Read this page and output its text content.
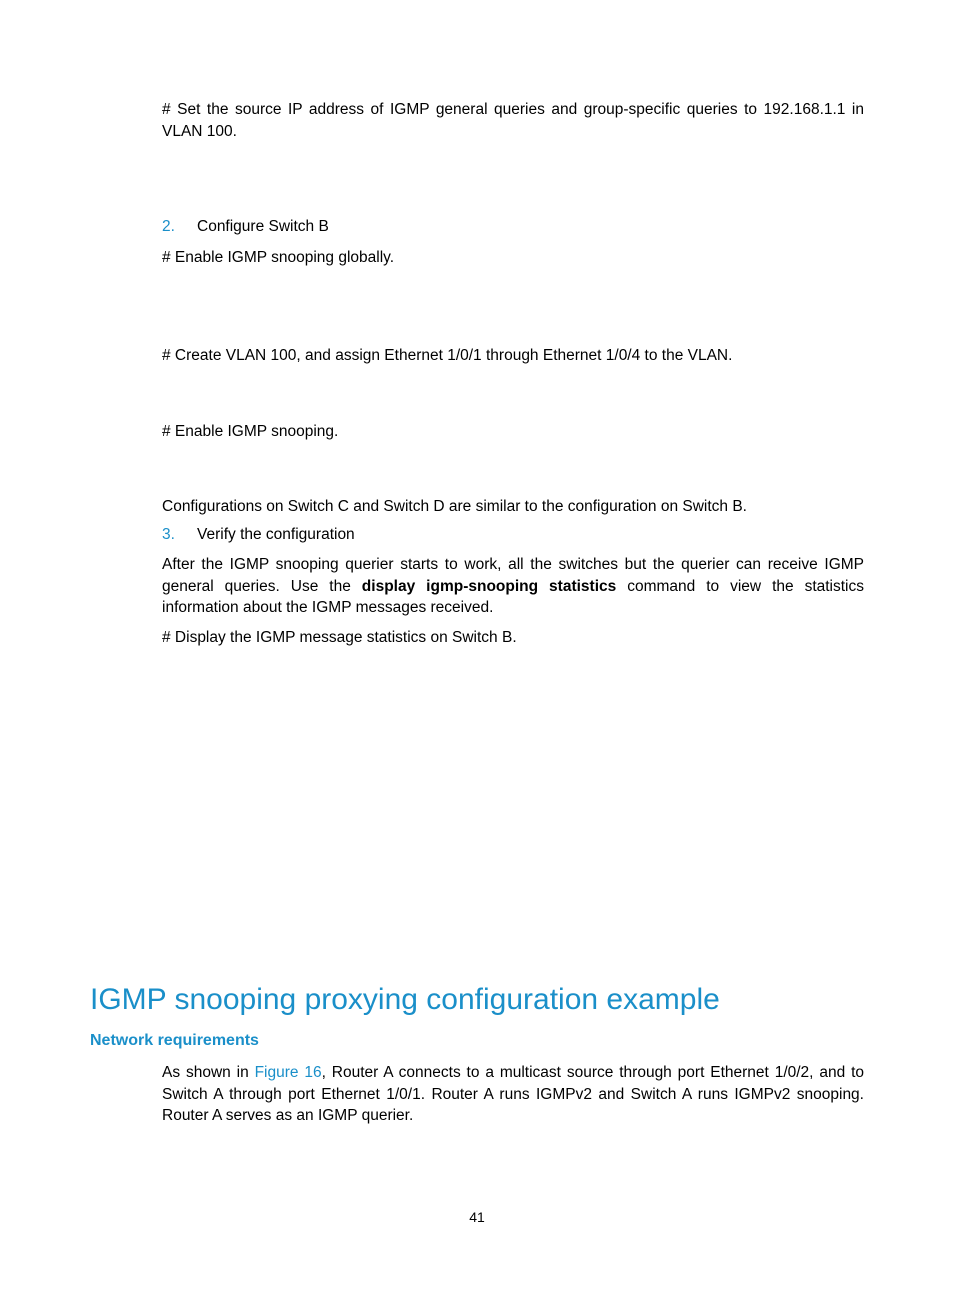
# Set the source IP address of IGMP general queries and group-specific queries to 192.168.1.1 in VLAN 100.

2. Configure Switch B

# Enable IGMP snooping globally.

# Create VLAN 100, and assign Ethernet 1/0/1 through Ethernet 1/0/4 to the VLAN.

# Enable IGMP snooping.

Configurations on Switch C and Switch D are similar to the configuration on Switch B.

3. Verify the configuration

After the IGMP snooping querier starts to work, all the switches but the querier can receive IGMP general queries. Use the display igmp-snooping statistics command to view the statistics information about the IGMP messages received.

# Display the IGMP message statistics on Switch B.

IGMP snooping proxying configuration example
Network requirements

As shown in Figure 16, Router A connects to a multicast source through port Ethernet 1/0/2, and to Switch A through port Ethernet 1/0/1. Router A runs IGMPv2 and Switch A runs IGMPv2 snooping. Router A serves as an IGMP querier.

41
